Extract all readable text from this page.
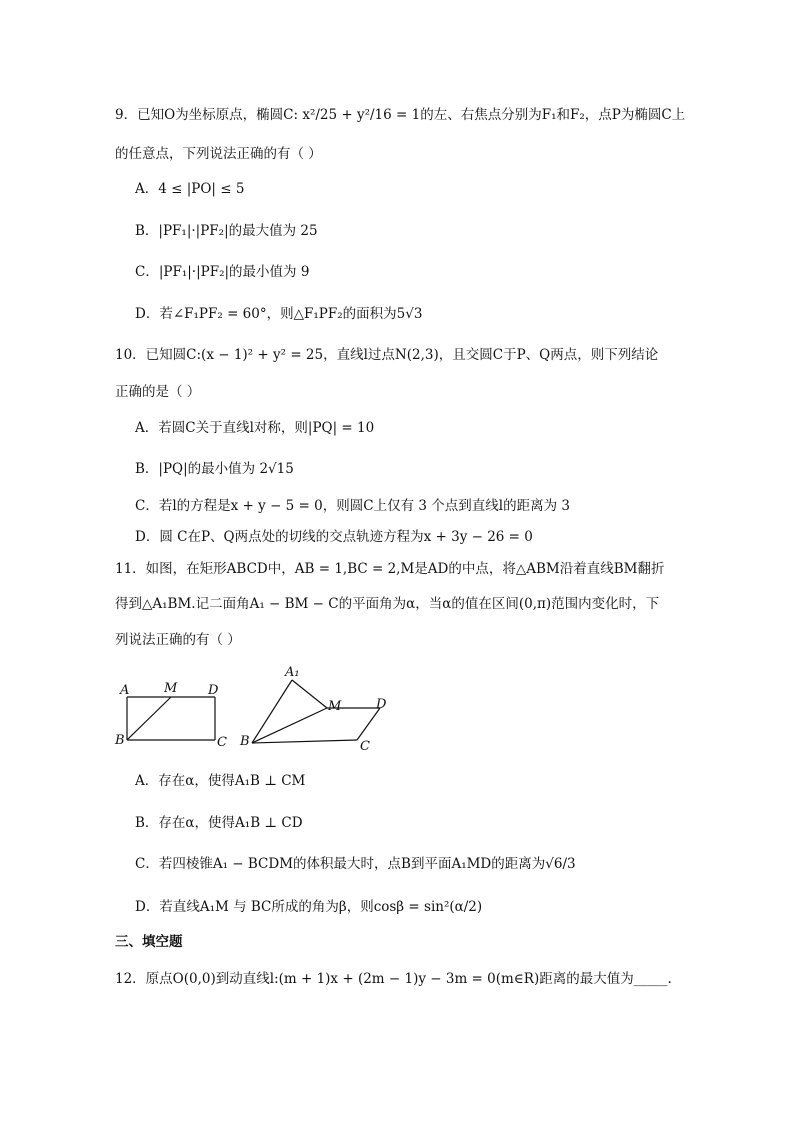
9．已知O为坐标原点，椭圆C: x²/25 + y²/16 = 1的左、右焦点分别为F₁和F₂，点P为椭圆C上
的任意点，下列说法正确的有（ ）
A．4 ≤ |PO| ≤ 5
B．|PF₁|·|PF₂|的最大值为 25
C．|PF₁|·|PF₂|的最小值为 9
D．若∠F₁PF₂ = 60°，则△F₁PF₂的面积为5√3
10．已知圆C:(x − 1)² + y² = 25，直线l过点N(2,3)，且交圆C于P、Q两点，则下列结论
正确的是（ ）
A．若圆C关于直线l对称，则|PQ| = 10
B．|PQ|的最小值为 2√15
C．若l的方程是x + y − 5 = 0，则圆C上仅有 3 个点到直线l的距离为 3
D．圆 C在P、Q两点处的切线的交点轨迹方程为x + 3y − 26 = 0
11．如图，在矩形ABCD中，AB = 1,BC = 2,M是AD的中点，将△ABM沿着直线BM翻折
得到△A₁BM.记二面角A₁ − BM − C的平面角为α，当α的值在区间(0,π)范围内变化时，下
列说法正确的有（ ）
A	M D
B	C
A₁
M	D
B	C
A．存在α，使得A₁B ⊥ CM
B．存在α，使得A₁B ⊥ CD
C．若四棱锥A₁ − BCDM的体积最大时，点B到平面A₁MD的距离为√6/3
D．若直线A₁M 与 BC所成的角为β，则cosβ = sin²(α/2)
三、填空题
12．原点O(0,0)到动直线l:(m + 1)x + (2m − 1)y − 3m = 0(m∈R)距离的最大值为_____.
